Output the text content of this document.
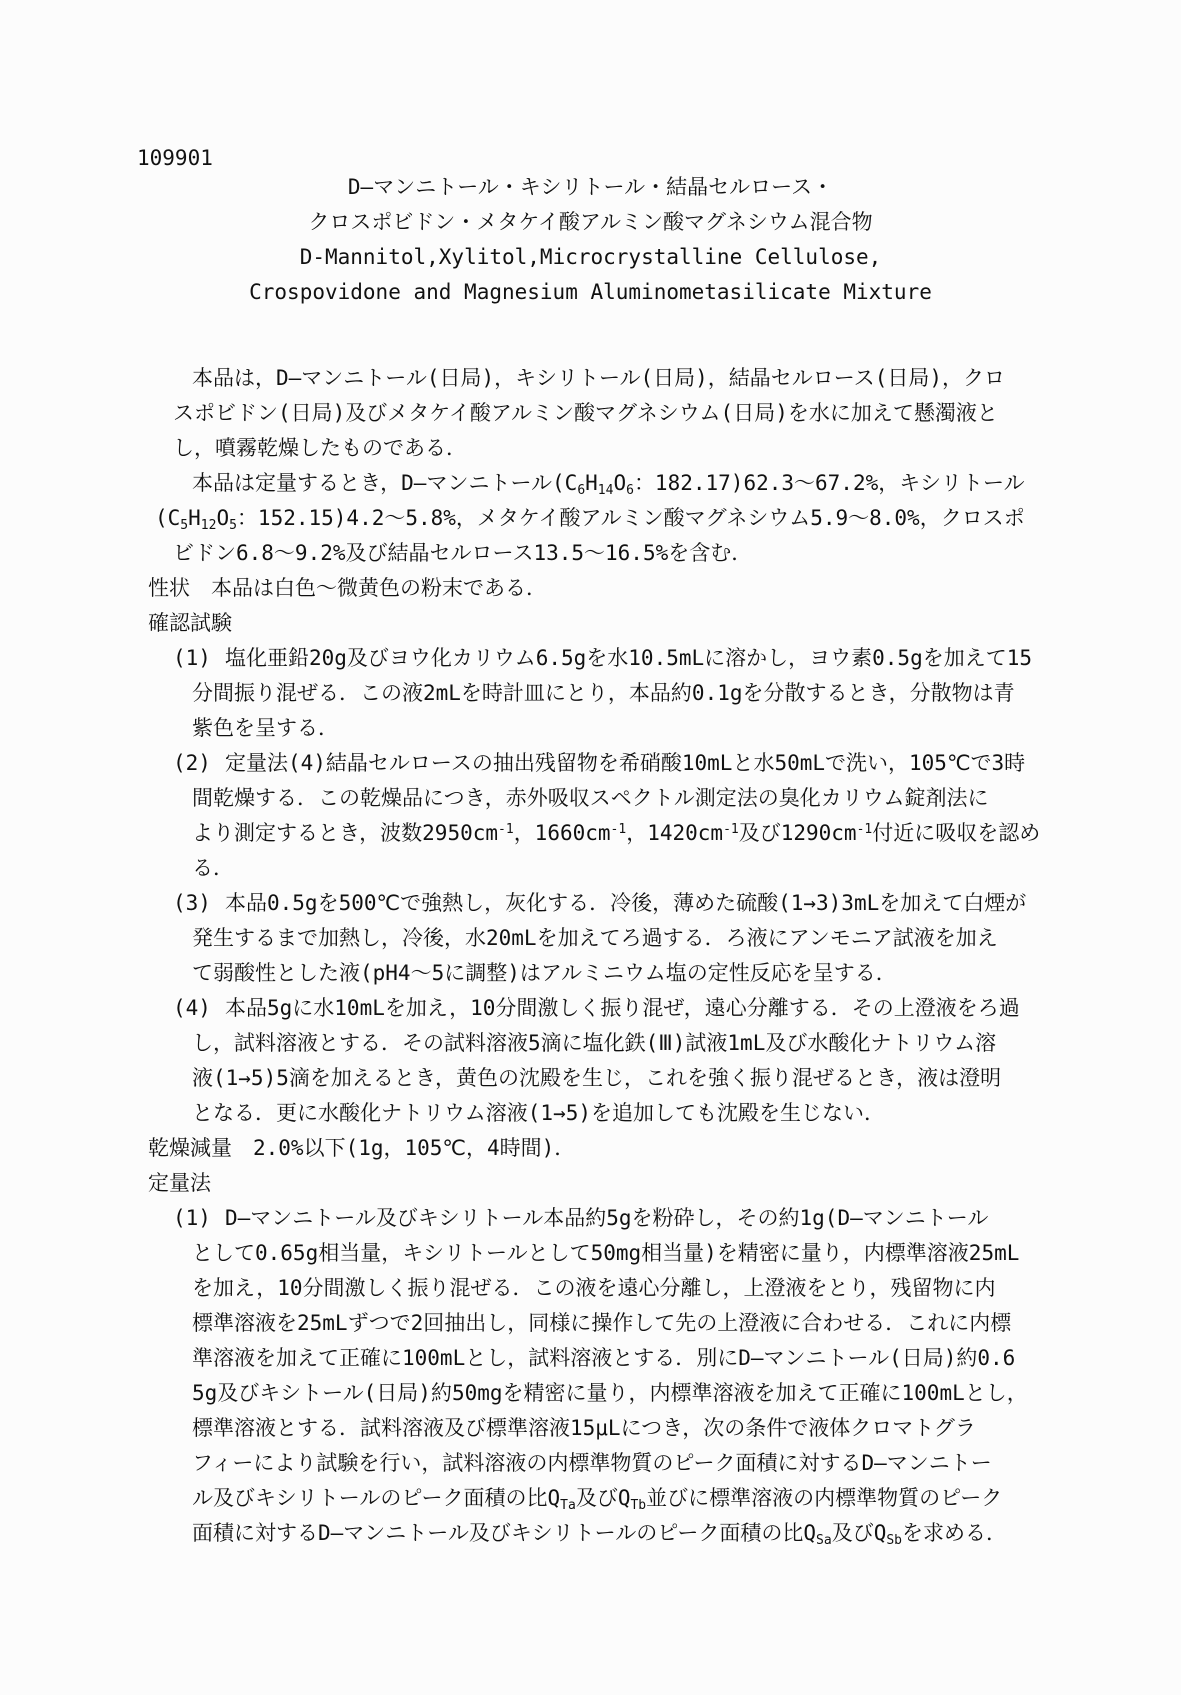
109901
D—マンニトール・キシリトール・結晶セルロース・
クロスポビドン・メタケイ酸アルミン酸マグネシウム混合物
D-Mannitol,Xylitol,Microcrystalline Cellulose,
Crospovidone and Magnesium Aluminometasilicate Mixture
本品は，D—マンニトール(日局)，キシリトール(日局)，結晶セルロース(日局)，クロ
スポビドン(日局)及びメタケイ酸アルミン酸マグネシウム(日局)を水に加えて懸濁液と
し，噴霧乾燥したものである．
本品は定量するとき，D—マンニトール($C_6H_{14}O_6$：182.17)62.3〜67.2%，キシリトール
($C_5H_{12}O_5$：152.15)4.2〜5.8%，メタケイ酸アルミン酸マグネシウム5.9〜8.0%，クロスポ
ビドン6.8〜9.2%及び結晶セルロース13.5〜16.5%を含む．
性状　本品は白色〜微黄色の粉末である．
確認試験
(1) 塩化亜鉛20g及びヨウ化カリウム6.5gを水10.5mLに溶かし，ヨウ素0.5gを加えて15
分間振り混ぜる．この液2mLを時計皿にとり，本品約0.1gを分散するとき，分散物は青
紫色を呈する．
(2) 定量法(4)結晶セルロースの抽出残留物を希硝酸10mLと水50mLで洗い，105℃で3時
間乾燥する．この乾燥品につき，赤外吸収スペクトル測定法の臭化カリウム錠剤法に
より測定するとき，波数$2950cm^{-1}$，$1660cm^{-1}$，$1420cm^{-1}$及び$1290cm^{-1}$付近に吸収を認め
る．
(3) 本品0.5gを500℃で強熱し，灰化する．冷後，薄めた硫酸(1→3)3mLを加えて白煙が
発生するまで加熱し，冷後，水20mLを加えてろ過する．ろ液にアンモニア試液を加え
て弱酸性とした液(pH4〜5に調整)はアルミニウム塩の定性反応を呈する．
(4) 本品5gに水10mLを加え，10分間激しく振り混ぜ，遠心分離する．その上澄液をろ過
し，試料溶液とする．その試料溶液5滴に塩化鉄(Ⅲ)試液1mL及び水酸化ナトリウム溶
液(1→5)5滴を加えるとき，黄色の沈殿を生じ，これを強く振り混ぜるとき，液は澄明
となる．更に水酸化ナトリウム溶液(1→5)を追加しても沈殿を生じない．
乾燥減量　2.0%以下(1g，105℃，4時間)．
定量法
(1) D—マンニトール及びキシリトール本品約5gを粉砕し，その約1g(D—マンニトール
として0.65g相当量，キシリトールとして50mg相当量)を精密に量り，内標準溶液25mL
を加え，10分間激しく振り混ぜる．この液を遠心分離し，上澄液をとり，残留物に内
標準溶液を25mLずつで2回抽出し，同様に操作して先の上澄液に合わせる．これに内標
準溶液を加えて正確に100mLとし，試料溶液とする．別にD—マンニトール(日局)約0.6
5g及びキシトール(日局)約50mgを精密に量り，内標準溶液を加えて正確に100mLとし，
標準溶液とする．試料溶液及び標準溶液15μLにつき，次の条件で液体クロマトグラ
フィーにより試験を行い，試料溶液の内標準物質のピーク面積に対するD—マンニトー
ル及びキシリトールのピーク面積の比$Q_{Ta}$及び$Q_{Tb}$並びに標準溶液の内標準物質のピーク
面積に対するD—マンニトール及びキシリトールのピーク面積の比$Q_{Sa}$及び$Q_{Sb}$を求める．
